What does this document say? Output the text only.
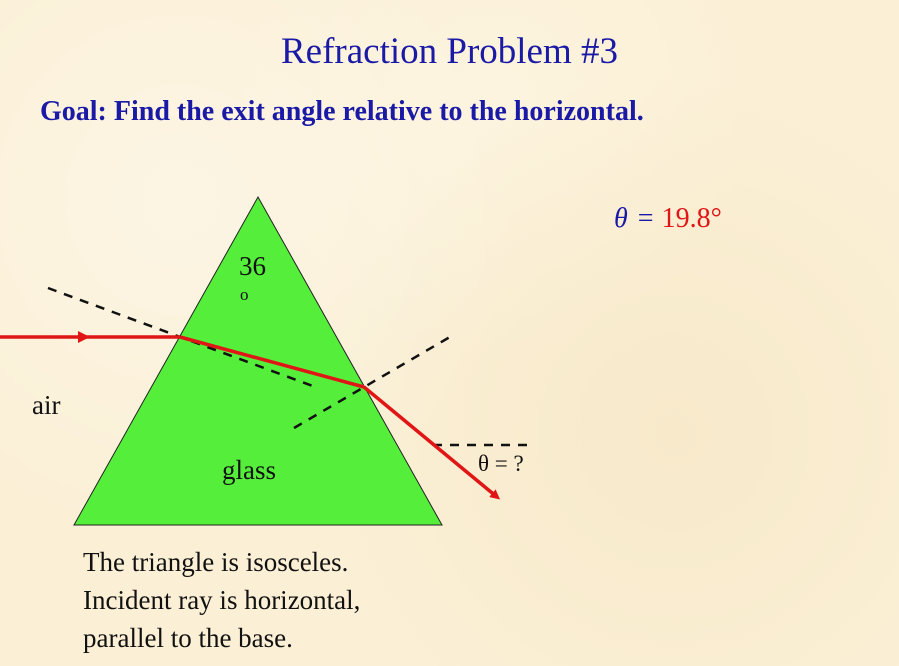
Refraction Problem #3
Goal: Find the exit angle relative to the horizontal.
θ = 19.8°
36
o
air
glass	θ = ?
The triangle is isosceles.
Incident ray is horizontal,
parallel to the base.
